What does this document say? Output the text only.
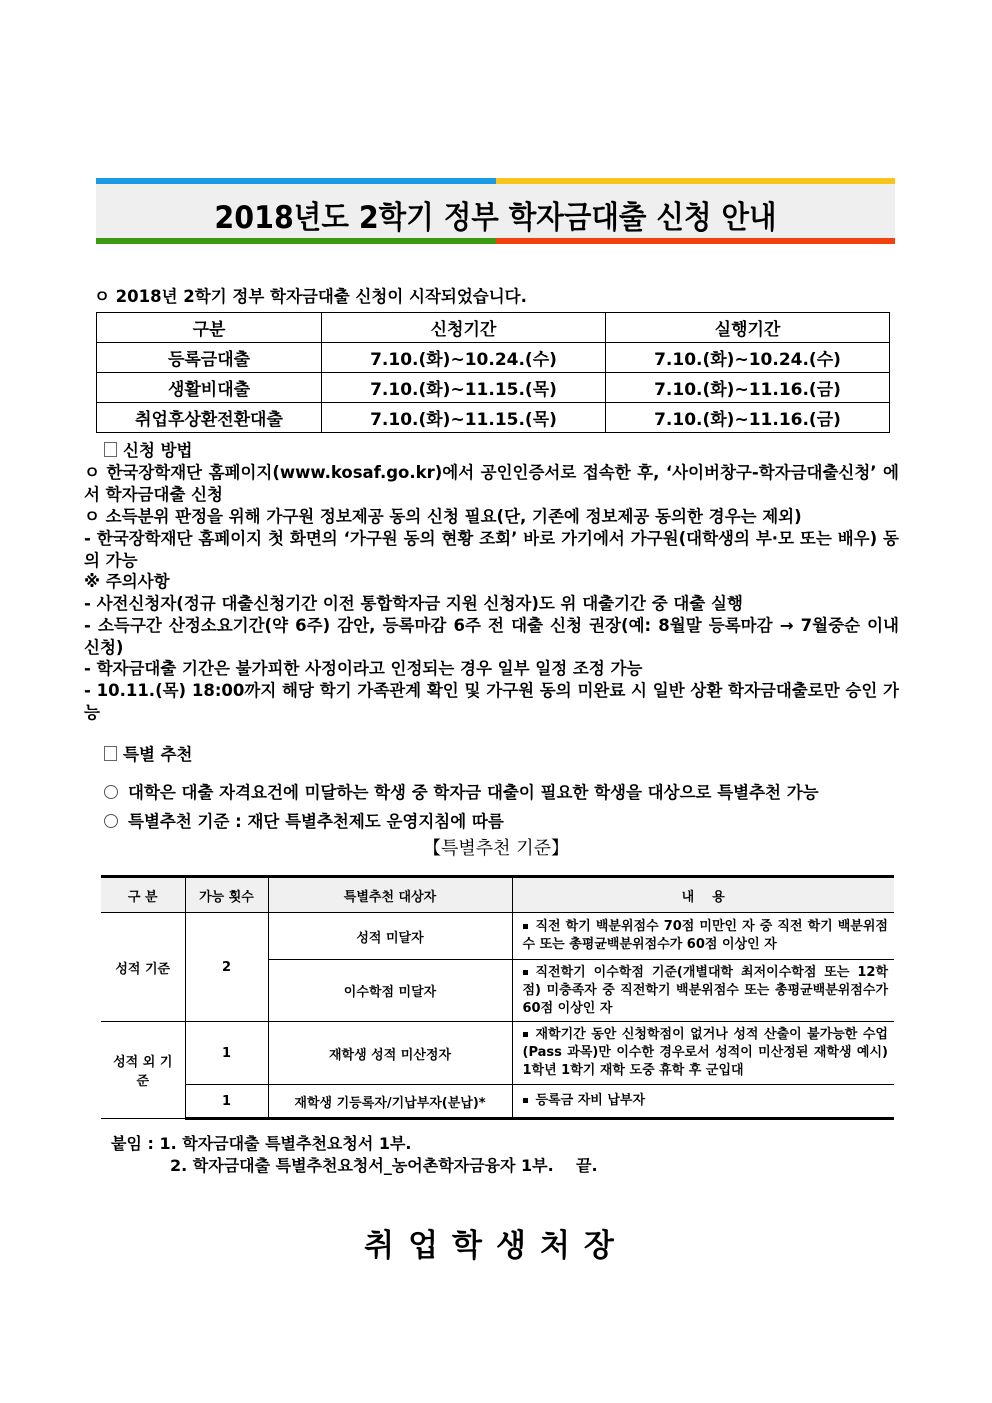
2018년도 2학기 정부 학자금대출 신청 안내
ㅇ 2018년 2학기 정부 학자금대출 신청이 시작되었습니다.
구분	신청기간	실행기간
등록금대출	7.10.(화)~10.24.(수)	7.10.(화)~10.24.(수)
생활비대출	7.10.(화)~11.15.(목)	7.10.(화)~11.16.(금)
취업후상환전환대출	7.10.(화)~11.15.(목)	7.10.(화)~11.16.(금)
신청 방법
ㅇ 한국장학재단 홈페이지(www.kosaf.go.kr)에서 공인인증서로 접속한 후, ‘사이버창구-학자금대출신청’ 에서 학자금대출 신청
ㅇ 소득분위 판정을 위해 가구원 정보제공 동의 신청 필요(단, 기존에 정보제공 동의한 경우는 제외)
- 한국장학재단 홈페이지 첫 화면의 ‘가구원 동의 현황 조회’ 바로 가기에서 가구원(대학생의 부·모 또는 배우) 동의 가능
※ 주의사항
- 사전신청자(정규 대출신청기간 이전 통합학자금 지원 신청자)도 위 대출기간 중 대출 실행
- 소득구간 산정소요기간(약 6주) 감안, 등록마감 6주 전 대출 신청 권장(예: 8월말 등록마감 → 7월중순 이내 신청)
- 학자금대출 기간은 불가피한 사정이라고 인정되는 경우 일부 일정 조정 가능
- 10.11.(목) 18:00까지 해당 학기 가족관계 확인 및 가구원 동의 미완료 시 일반 상환 학자금대출로만 승인 가능
특별 추천
대학은 대출 자격요건에 미달하는 학생 중 학자금 대출이 필요한 학생을 대상으로 특별추천 가능
특별추천 기준 : 재단 특별추천제도 운영지침에 따름
【특별추천 기준】
구 분	가능 횟수	특별추천 대상자	내    용
성적 기준	2	성적 미달자	직전 학기 백분위점수 70점 미만인 자 중 직전 학기 백분위점수 또는 총평균백분위점수가 60점 이상인 자
		이수학점 미달자	직전학기 이수학점 기준(개별대학 최저이수학점 또는 12학점) 미충족자 중 직전학기 백분위점수 또는 총평균백분위점수가 60점 이상인 자
성적 외 기준	1	재학생 성적 미산정자	재학기간 동안 신청학점이 없거나 성적 산출이 불가능한 수업(Pass 과목)만 이수한 경우로서 성적이 미산정된 재학생 예시) 1학년 1학기 재학 도중 휴학 후 군입대
	1	재학생 기등록자/기납부자(분납)*	등록금 자비 납부자
붙임 : 1. 학자금대출 특별추천요청서 1부.
2. 학자금대출 특별추천요청서_농어촌학자금융자 1부.    끝.
취업학생처장
